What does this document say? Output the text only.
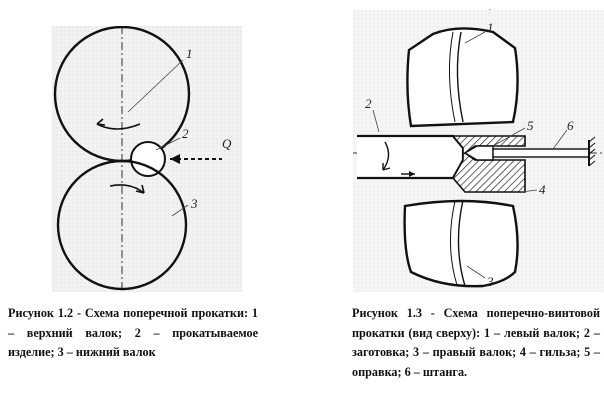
1
2
Q
3

Рисунок 1.2 - Схема поперечной прокатки: 1 – верхний валок; 2 – прокатываемое изделие; 3 – нижний валок

1
2
4
5	6
3

Рисунок 1.3 - Схема поперечно-винтовой прокатки (вид сверху): 1 – левый валок; 2 – заготовка; 3 – правый валок; 4 – гильза; 5 – оправка; 6 – штанга.
